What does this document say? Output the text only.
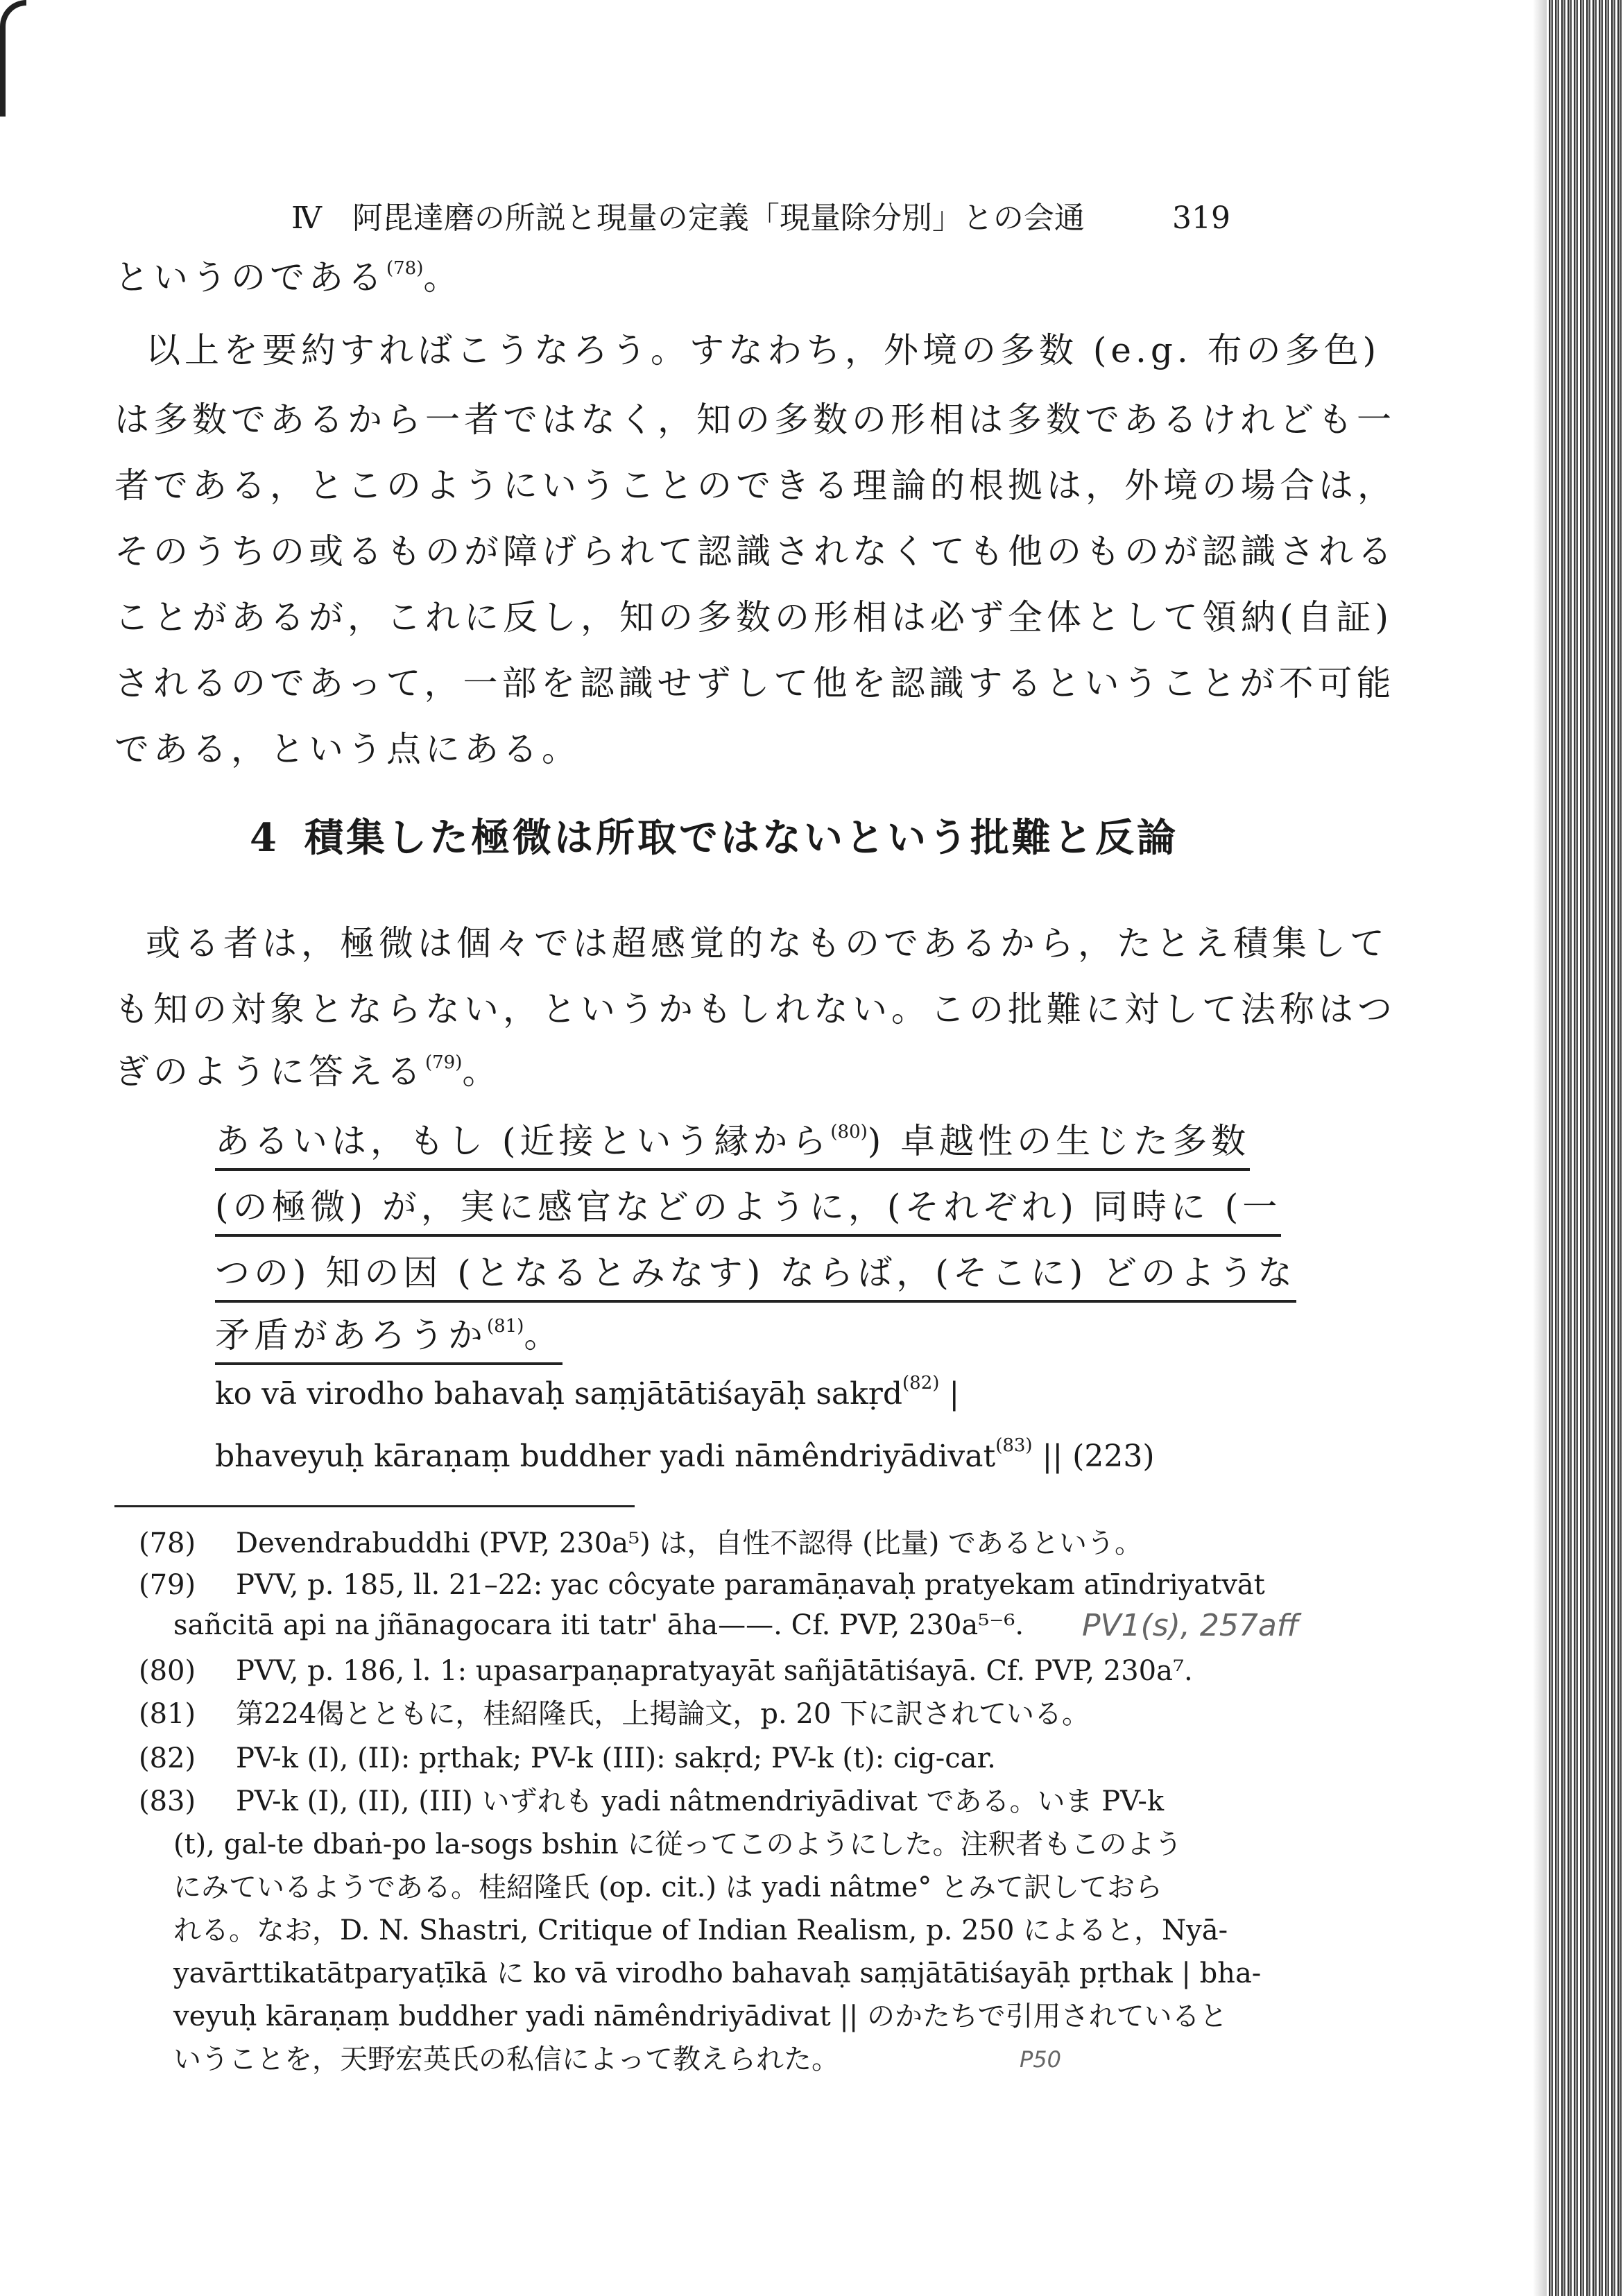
Ⅳ 阿毘達磨の所説と現量の定義「現量除分別」との会通	319
というのである$^{(78)}$。
以上を要約すればこうなろう。すなわち，外境の多数 (e.g. 布の多色)
は多数であるから一者ではなく，知の多数の形相は多数であるけれども一
者である，とこのようにいうことのできる理論的根拠は，外境の場合は，
そのうちの或るものが障げられて認識されなくても他のものが認識される
ことがあるが，これに反し，知の多数の形相は必ず全体として領納(自証)
されるのであって，一部を認識せずして他を認識するということが不可能
である，という点にある。
4 積集した極微は所取ではないという批難と反論
或る者は，極微は個々では超感覚的なものであるから，たとえ積集して
も知の対象とならない，というかもしれない。この批難に対して法称はつ
ぎのように答える$^{(79)}$。
あるいは，もし (近接という縁から$^{(80)}$) 卓越性の生じた多数
(の極微) が，実に感官などのように，(それぞれ) 同時に (一
つの) 知の因 (となるとみなす) ならば，(そこに) どのような
矛盾があろうか$^{(81)}$。
ko vā virodho bahavaḥ saṃjātātiśayāḥ sakṛd$^{(82)}$ |
bhaveyuḥ kāraṇaṃ buddher yadi nāmêndriyādivat$^{(83)}$ || (223)
(78) Devendrabuddhi (PVP, 230a⁵) は，自性不認得 (比量) であるという。
(79) PVV, p. 185, ll. 21–22: yac côcyate paramāṇavaḥ pratyekam atīndriyatvāt
sañcitā api na jñānagocara iti tatr' āha——. Cf. PVP, 230a⁵⁻⁶.
(80) PVV, p. 186, l. 1: upasarpaṇapratyayāt sañjātātiśayā. Cf. PVP, 230a⁷.
(81) 第224偈とともに，桂紹隆氏，上掲論文，p. 20 下に訳されている。
(82) PV-k (I), (II): pṛthak; PV-k (III): sakṛd; PV-k (t): cig-car.
(83) PV-k (I), (II), (III) いずれも yadi nâtmendriyādivat である。いま PV-k
(t), gal-te dbaṅ-po la-sogs bshin に従ってこのようにした。注釈者もこのよう
にみているようである。桂紹隆氏 (op. cit.) は yadi nâtme° とみて訳しておら
れる。なお，D. N. Shastri, Critique of Indian Realism, p. 250 によると，Nyā-
yavārttikatātparyaṭīkā に ko vā virodho bahavaḥ saṃjātātiśayāḥ pṛthak | bha-
veyuḥ kāraṇaṃ buddher yadi nāmêndriyādivat || のかたちで引用されていると
いうことを，天野宏英氏の私信によって教えられた。
PV1(s), 257aff
P50
